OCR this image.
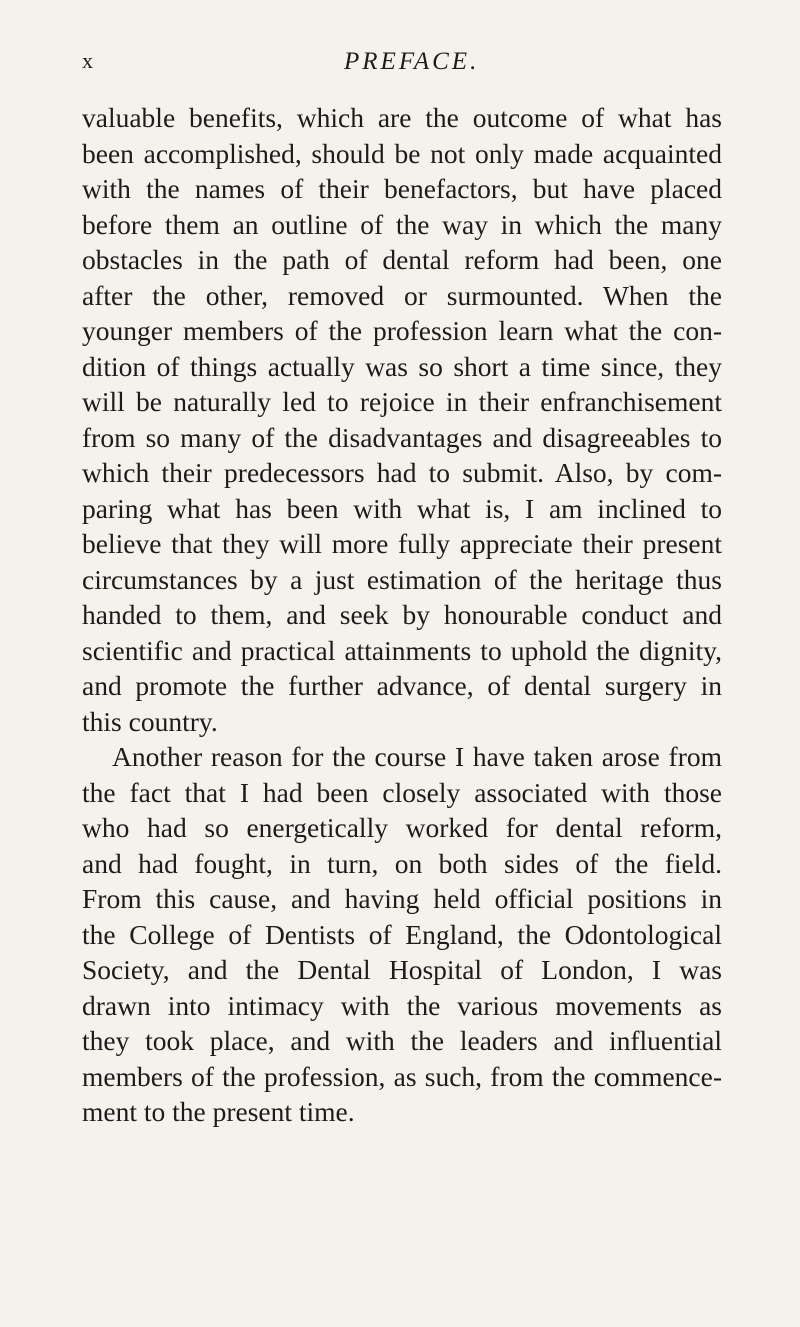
x	PREFACE.
valuable benefits, which are the outcome of what has
been accomplished, should be not only made acquainted
with the names of their benefactors, but have placed
before them an outline of the way in which the many
obstacles in the path of dental reform had been, one
after the other, removed or surmounted. When the
younger members of the profession learn what the con-
dition of things actually was so short a time since, they
will be naturally led to rejoice in their enfranchisement
from so many of the disadvantages and disagreeables to
which their predecessors had to submit. Also, by com-
paring what has been with what is, I am inclined to
believe that they will more fully appreciate their present
circumstances by a just estimation of the heritage thus
handed to them, and seek by honourable conduct and
scientific and practical attainments to uphold the dignity,
and promote the further advance, of dental surgery in
this country.
Another reason for the course I have taken arose from
the fact that I had been closely associated with those
who had so energetically worked for dental reform,
and had fought, in turn, on both sides of the field.
From this cause, and having held official positions in
the College of Dentists of England, the Odontological
Society, and the Dental Hospital of London, I was
drawn into intimacy with the various movements as
they took place, and with the leaders and influential
members of the profession, as such, from the commence-
ment to the present time.
